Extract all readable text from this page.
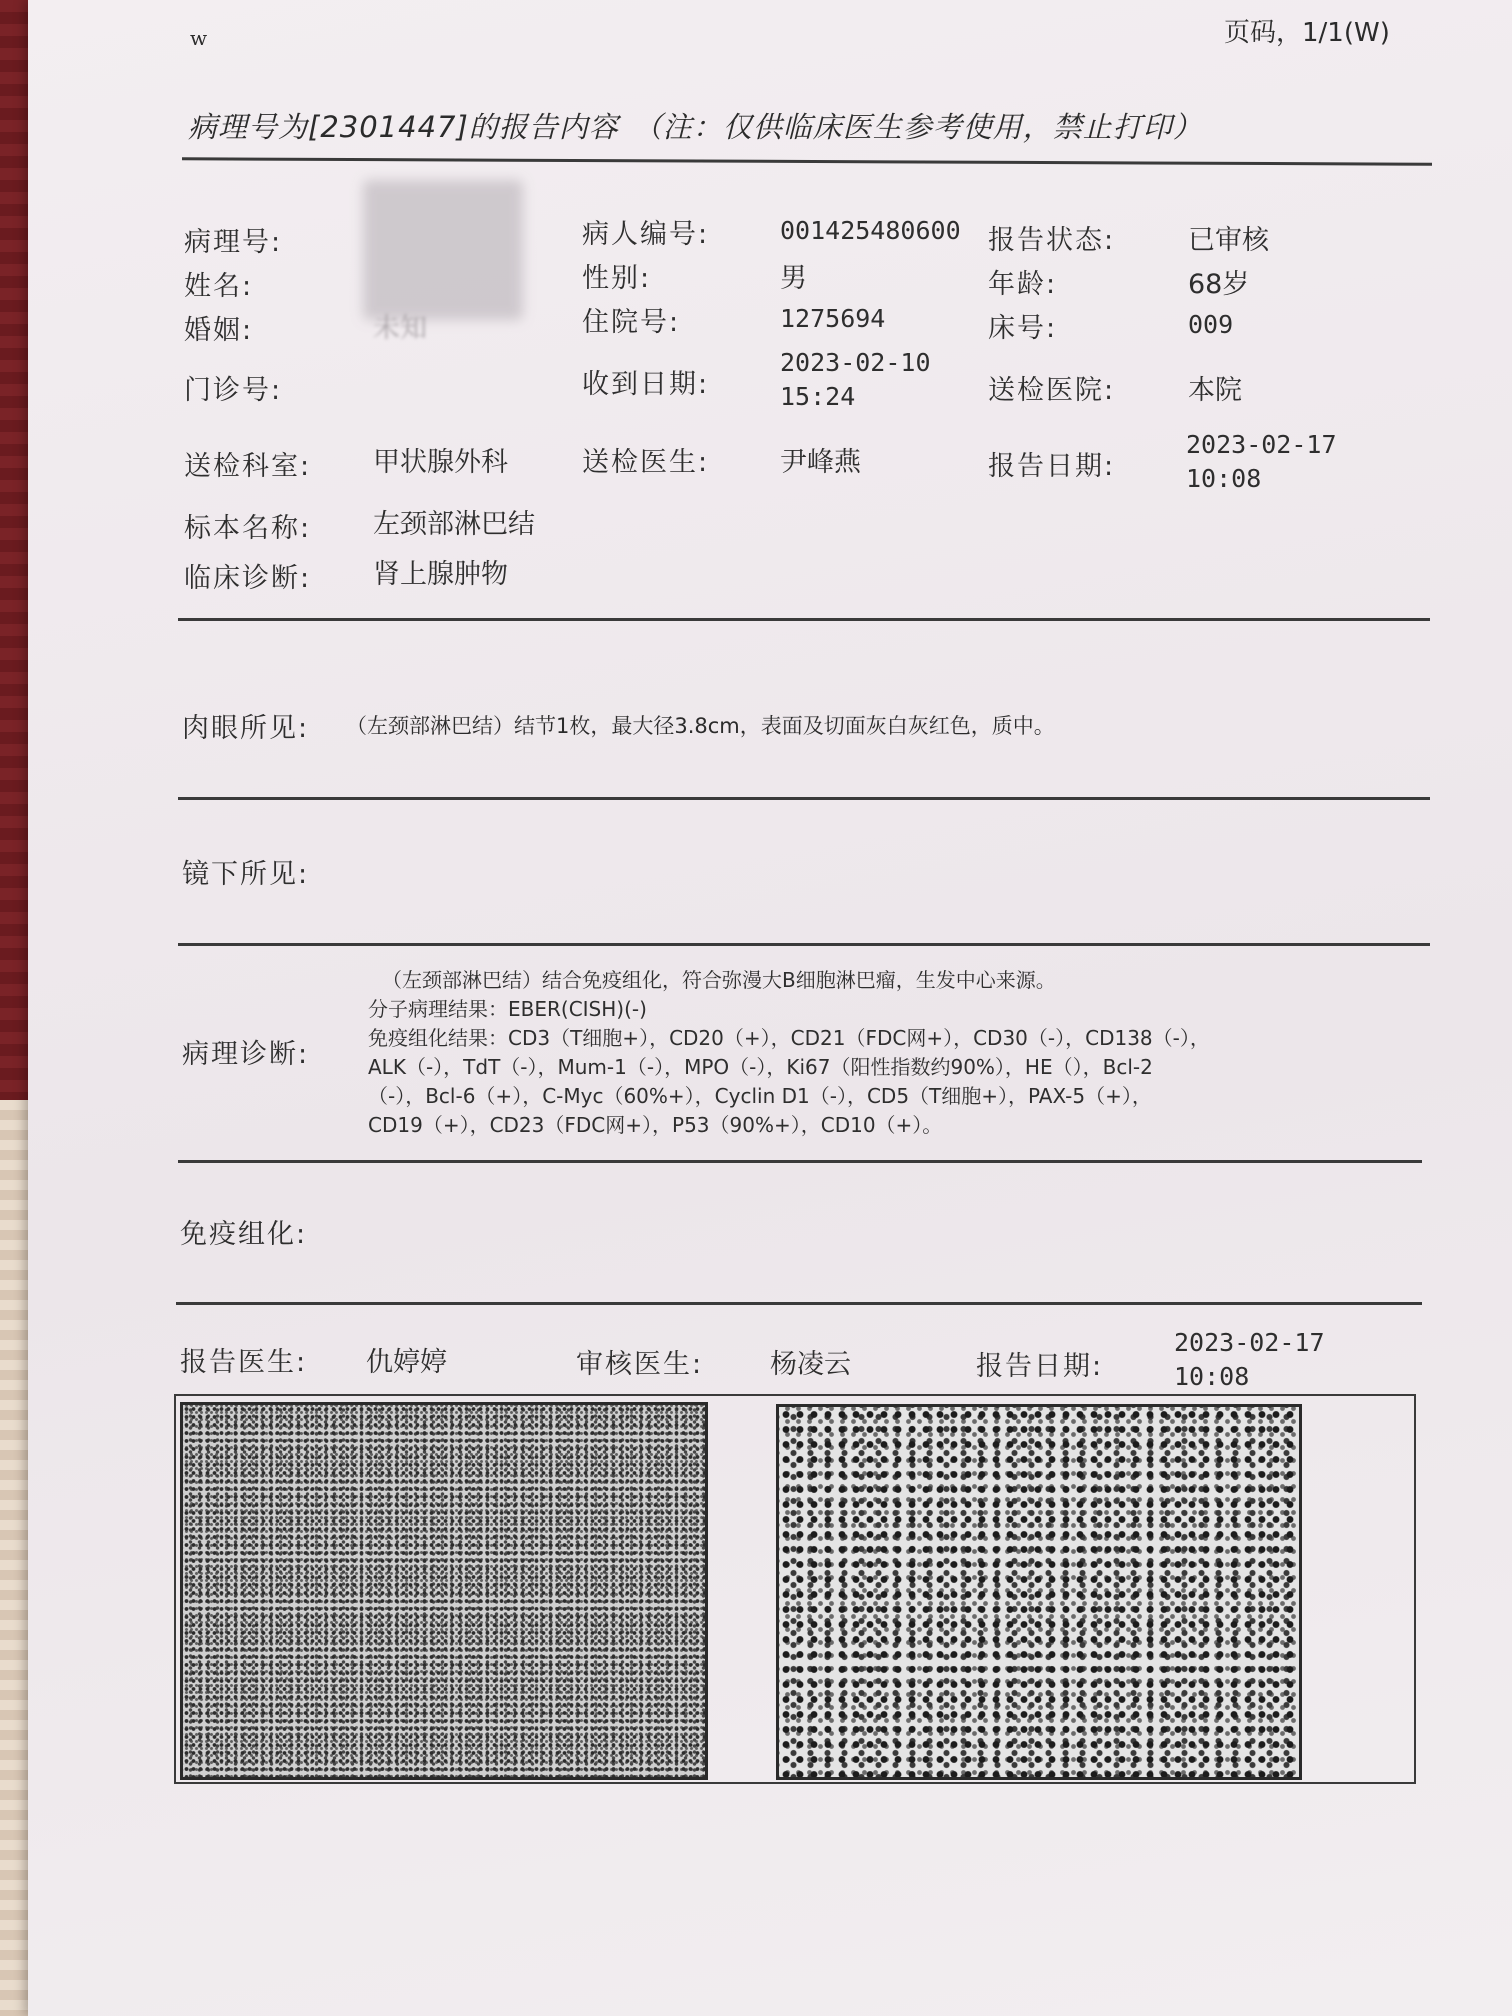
w	页码，1/1(W)
病理号为[2301447]的报告内容 （注：仅供临床医生参考使用，禁止打印）
病理号:
姓名:
婚姻:	未知
门诊号:
送检科室: 甲状腺外科
标本名称: 左颈部淋巴结
临床诊断: 肾上腺肿物
病人编号:	001425480600
性别:	男
住院号:	1275694
收到日期:
2023-02-10
15:24
送检医生:	尹峰燕
报告状态:	已审核
年龄:	68岁
床号:	009
送检医院:	本院
报告日期:
2023-02-17
10:08
肉眼所见: （左颈部淋巴结）结节1枚，最大径3.8cm，表面及切面灰白灰红色，质中。
镜下所见:
病理诊断:
（左颈部淋巴结）结合免疫组化，符合弥漫大B细胞淋巴瘤，生发中心来源。
分子病理结果：EBER(CISH)(-)
免疫组化结果：CD3（T细胞+），CD20（+），CD21（FDC网+），CD30（-），CD138（-），
ALK（-），TdT（-），Mum-1（-），MPO（-），Ki67（阳性指数约90%），HE（），Bcl-2
（-），Bcl-6（+），C-Myc（60%+），Cyclin D1（-），CD5（T细胞+），PAX-5（+），
CD19（+），CD23（FDC网+），P53（90%+），CD10（+）。
免疫组化:
报告医生: 仇婷婷	审核医生: 杨凌云	报告日期:
2023-02-17
10:08
